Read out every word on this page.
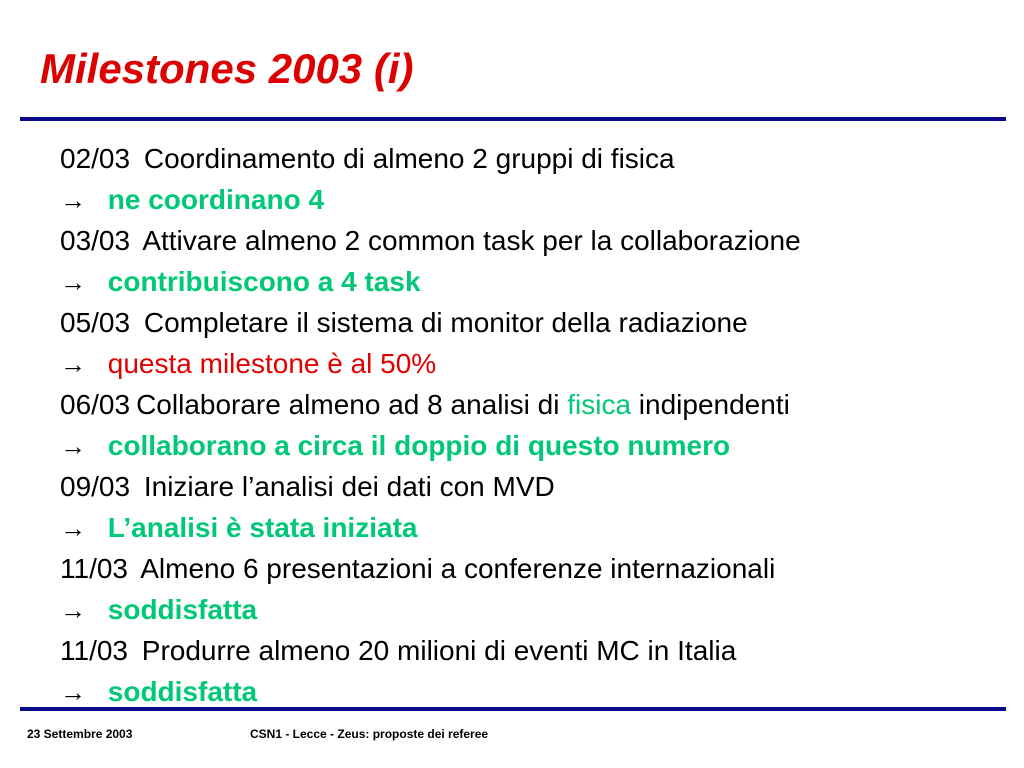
Milestones 2003 (i)
02/03 Coordinamento di almeno 2 gruppi di fisica
→ ne coordinano 4
03/03 Attivare almeno 2 common task per la collaborazione
→ contribuiscono a 4 task
05/03 Completare il sistema di monitor della radiazione
→ questa milestone è al 50%
06/03 Collaborare almeno ad 8 analisi di fisica indipendenti
→ collaborano a circa il doppio di questo numero
09/03 Iniziare l’analisi dei dati con MVD
→ L’analisi è stata iniziata
11/03 Almeno 6 presentazioni a conferenze internazionali
→ soddisfatta
11/03 Produrre almeno 20 milioni di eventi MC in Italia
→ soddisfatta
23 Settembre 2003	CSN1 - Lecce - Zeus: proposte dei referee
